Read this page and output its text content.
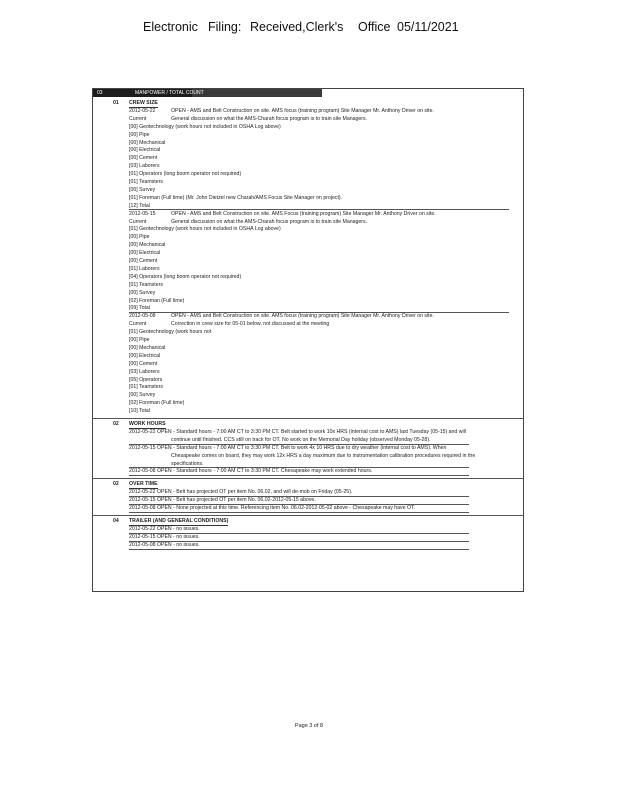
Electronic Filing: Received,Clerk's Office 05/11/2021
03	MANPOWER / TOTAL COUNT
01 CREW SIZE
2012-05-22	OPEN - AMS and Belt Construction on site. AMS focus (training program) Site Manager Mr. Anthony Driver on site.
Current	General discussion on what the AMS-Charah focus program is to train site Managers.
[00] Geotechnology (work hours not included in OSHA Log above)
[00] Pipe
[00] Mechanical
[00] Electrical
[00] Cement
[03] Laborers
[01] Operators (long boom operator not required)
[01] Teamsters
[00] Survey
[01] Foreman (Full time) (Mr. John Dietzel new Charah/AMS Focus Site Manager on project).
[12] Total
2012-05-15	OPEN - AMS and Belt Construction on site. AMS Focus (training program) Site Manager Mr. Anthony Driver on site.
Current	General discussion on what the AMS-Charah focus program is to train site Managers.
[01] Geotechnology (work hours not included in OSHA Log above)
[00] Pipe
[00] Mechanical
[00] Electrical
[00] Cement
[01] Laborers
[04] Operators (long boom operator not required)
[01] Teamsters
[00] Survey
[02] Foreman (Full time)
[09] Total
2012-05-08	OPEN - AMS and Belt Construction on site. AMS focus (training program) Site Manager Mr. Anthony Driver on site.
Current	Correction in crew size for 05-01 below, not discussed at the meeting
[01] Geotechnology (work hours not
[00] Pipe
[00] Mechanical
[00] Electrical
[00] Cement
[03] Laborers
[05] Operators
[01] Teamsters
[00] Survey
[02] Foreman (Full time)
[10] Total
02 WORK HOURS
2012-05-22 OPEN - Standard hours - 7:00 AM CT to 3:30 PM CT. Belt started to work 10x HRS (internal cost to AMS) last Tuesday (05-15) and will
continue until finished. CCS still on track for OT. No work on the Memorial Day holiday (observed Monday 05-28).
2012-05-15 OPEN - Standard hours - 7:00 AM CT to 3:30 PM CT. Belt to work 4x 10 HRS due to dry weather (internal cost to AMS). When
Chesapeake comes on board, they may work 12x HRS a day maximum due to instrumentation calibration procedures required in the
specifications.
2012-05-08 OPEN - Standard hours - 7:00 AM CT to 3:30 PM CT. Chesapeake may work extended hours.
02 OVER TIME
2012-05-22 OPEN - Belt has projected OT per item No. 06.02, and will de-mob on Friday (05-25).
2012-05-15 OPEN - Belt has projected OT per item No. 06.02-2012-05-15 above.
2012-05-08 OPEN - None projected at this time. Referencing item No. 06.02-2012-05-02 above - Chesapeake may have OT.
04 TRAILER (AND GENERAL CONDITIONS)
2012-05-22 OPEN - no issues.
2012-05-15 OPEN - no issues.
2012-05-08 OPEN - no issues.
Page 3 of 8
